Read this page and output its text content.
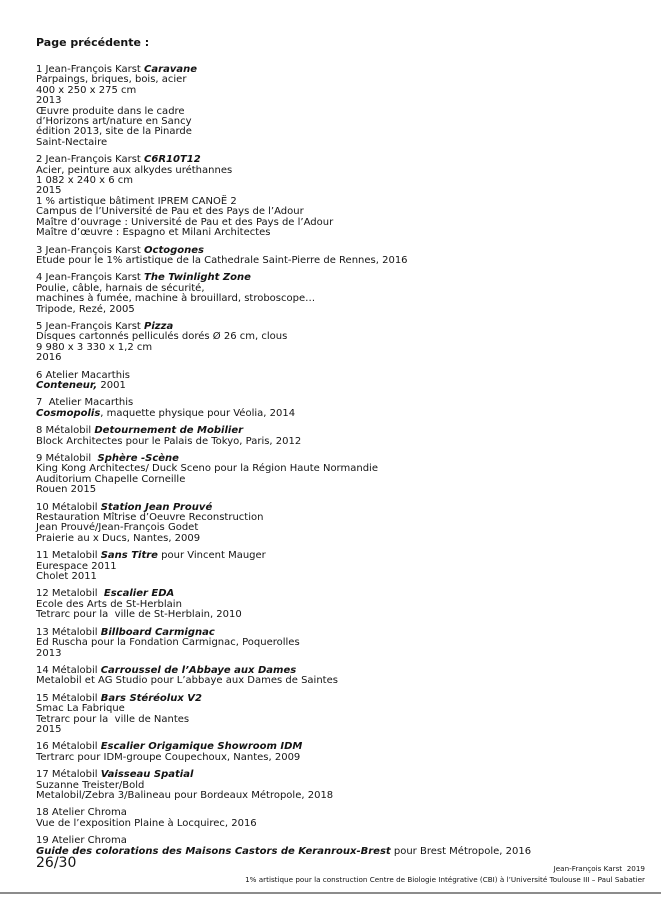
Page précédente :

1 Jean-François Karst Caravane
Parpaings, briques, bois, acier
400 x 250 x 275 cm
2013
Œuvre produite dans le cadre
d’Horizons art/nature en Sancy
édition 2013, site de la Pinarde
Saint-Nectaire

2 Jean-François Karst C6R10T12
Acier, peinture aux alkydes uréthannes
1 082 x 240 x 6 cm
2015
1 % artistique bâtiment IPREM CANOË 2
Campus de l’Université de Pau et des Pays de l’Adour
Maître d’ouvrage : Université de Pau et des Pays de l’Adour
Maître d’œuvre : Espagno et Milani Architectes

3 Jean-François Karst Octogones
Etude pour le 1% artistique de la Cathedrale Saint-Pierre de Rennes, 2016

4 Jean-François Karst The Twinlight Zone
Poulie, câble, harnais de sécurité,
machines à fumée, machine à brouillard, stroboscope…
Tripode, Rezé, 2005

5 Jean-François Karst Pizza
Disques cartonnés pelliculés dorés Ø 26 cm, clous
9 980 x 3 330 x 1,2 cm
2016

6 Atelier Macarthis
Conteneur, 2001

7  Atelier Macarthis
Cosmopolis, maquette physique pour Véolia, 2014

8 Métalobil Detournement de Mobilier
Block Architectes pour le Palais de Tokyo, Paris, 2012

9 Métalobil  Sphère -Scène
King Kong Architectes/ Duck Sceno pour la Région Haute Normandie
Auditorium Chapelle Corneille
Rouen 2015

10 Métalobil Station Jean Prouvé
Restauration Mîtrise d’Oeuvre Reconstruction
Jean Prouvé/Jean-François Godet
Praierie au x Ducs, Nantes, 2009

11 Metalobil Sans Titre pour Vincent Mauger
Eurespace 2011
Cholet 2011

12 Metalobil  Escalier EDA
Ecole des Arts de St-Herblain
Tetrarc pour la  ville de St-Herblain, 2010

13 Métalobil Billboard Carmignac
Ed Ruscha pour la Fondation Carmignac, Poquerolles
2013

14 Métalobil Carroussel de l’Abbaye aux Dames
Metalobil et AG Studio pour L’abbaye aux Dames de Saintes

15 Métalobil Bars Stéréolux V2
Smac La Fabrique
Tetrarc pour la  ville de Nantes
2015

16 Métalobil Escalier Origamique Showroom IDM
Tertrarc pour IDM-groupe Coupechoux, Nantes, 2009

17 Métalobil Vaisseau Spatial
Suzanne Treister/Bold
Metalobil/Zebra 3/Balineau pour Bordeaux Métropole, 2018

18 Atelier Chroma
Vue de l’exposition Plaine à Locquirec, 2016

19 Atelier Chroma
Guide des colorations des Maisons Castors de Keranroux-Brest pour Brest Métropole, 2016

26/30	Jean-François Karst  2019
1% artistique pour la construction Centre de Biologie Intégrative (CBI) à l’Université Toulouse III – Paul Sabatier
